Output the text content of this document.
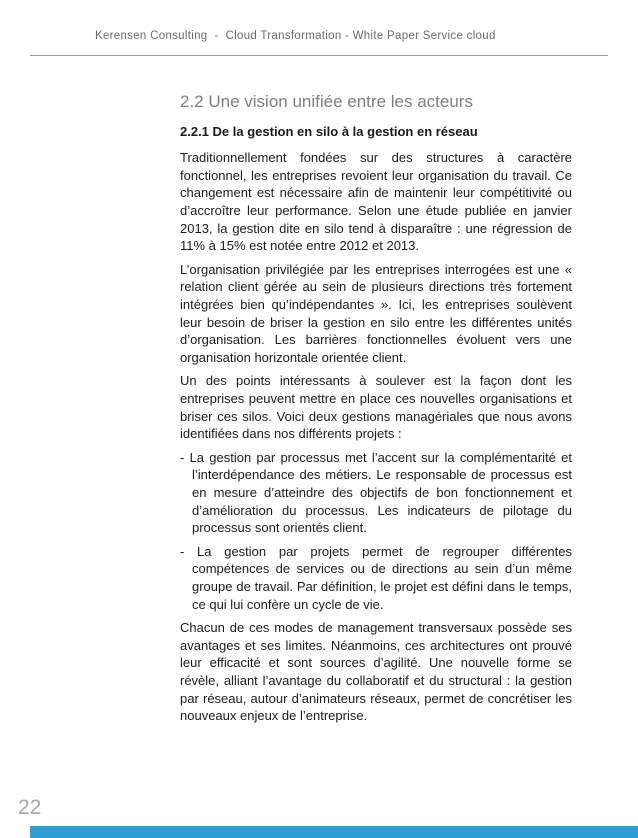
Kerensen Consulting  -  Cloud Transformation - White Paper Service cloud
2.2 Une vision unifiée entre les acteurs
2.2.1 De la gestion en silo à la gestion en réseau

Traditionnellement fondées sur des structures à caractère fonctionnel, les entreprises revoient leur organisation du travail. Ce changement est nécessaire afin de maintenir leur compétitivité ou d’accroître leur performance. Selon une étude publiée en janvier 2013, la gestion dite en silo tend à disparaître : une régression de 11% à 15% est notée entre 2012 et 2013.

L’organisation privilégiée par les entreprises interrogées est une « relation client gérée au sein de plusieurs directions très fortement intégrées bien qu’indépendantes ». Ici, les entreprises soulèvent leur besoin de briser la gestion en silo entre les différentes unités d’organisation. Les barrières fonctionnelles évoluent vers une organisation horizontale orientée client.

Un des points intéressants à soulever est la façon dont les entreprises peuvent mettre en place ces nouvelles organisations et briser ces silos. Voici deux gestions managériales que nous avons identifiées dans nos différents projets :

- La gestion par processus met l’accent sur la complémentarité et l’interdépendance des métiers. Le responsable de processus est en mesure d’atteindre des objectifs de bon fonctionnement et d’amélioration du processus. Les indicateurs de pilotage du processus sont orientés client.

- La gestion par projets permet de regrouper différentes compétences de services ou de directions au sein d’un même groupe de travail. Par définition, le projet est défini dans le temps, ce qui lui confère un cycle de vie.

Chacun de ces modes de management transversaux possède ses avantages et ses limites. Néanmoins, ces architectures ont prouvé leur efficacité et sont sources d’agilité. Une nouvelle forme se révèle, alliant l’avantage du collaboratif et du structural : la gestion par réseau, autour d’animateurs réseaux, permet de concrétiser les nouveaux enjeux de l’entreprise.

22
